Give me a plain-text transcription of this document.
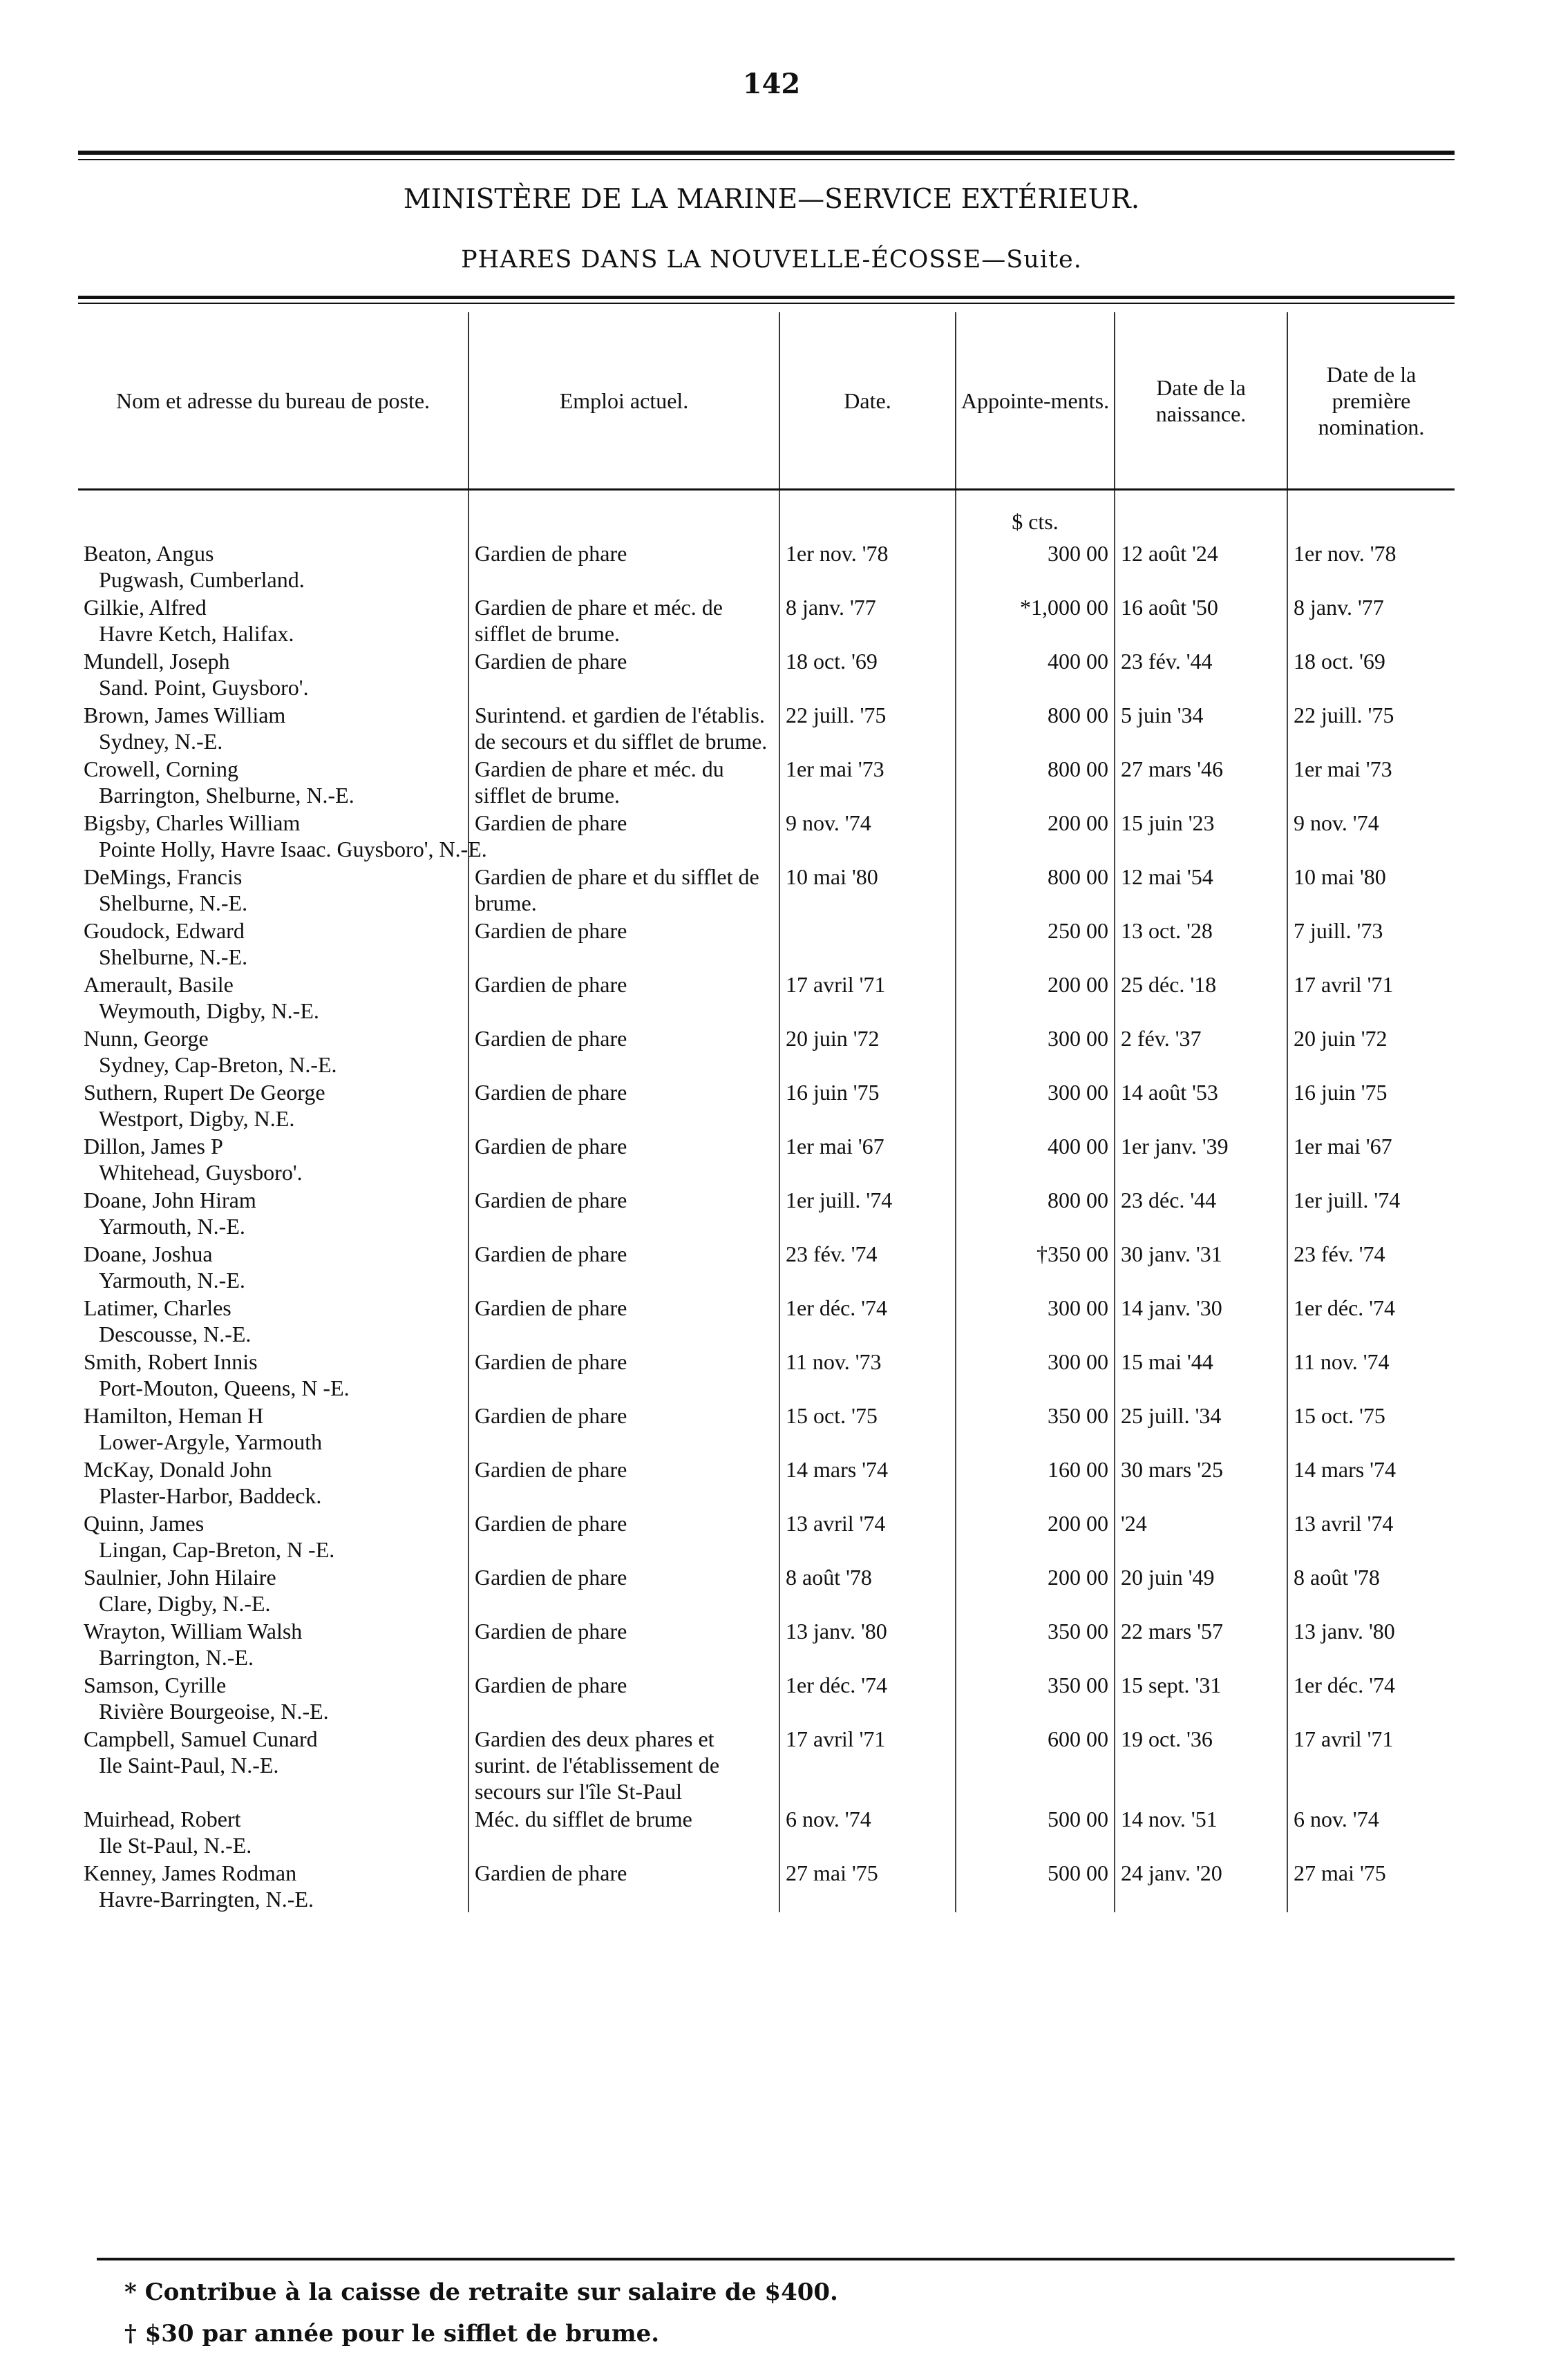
142
MINISTÈRE DE LA MARINE—SERVICE EXTÉRIEUR.
PHARES DANS LA NOUVELLE-ÉCOSSE—Suite.
Nom et adresse du bureau de poste.	Emploi actuel.	Date.	Appointe-ments.	Date de la naissance.	Date de la première nomination.
			$ cts.		

Beaton, Angus
Pugwash, Cumberland.	Gardien de phare	1er nov. '78	300 00	12 août '24	1er nov. '78

Gilkie, Alfred
Havre Ketch, Halifax.	Gardien de phare et méc. de sifflet de brume.	8 janv. '77	*1,000 00	16 août '50	8 janv. '77

Mundell, Joseph
Sand. Point, Guysboro'.	Gardien de phare	18 oct. '69	400 00	23 fév. '44	18 oct. '69

Brown, James William
Sydney, N.-E.	Surintend. et gardien de l'établis. de secours et du sifflet de brume.	22 juill. '75	800 00	5 juin '34	22 juill. '75

Crowell, Corning
Barrington, Shelburne, N.-E.	Gardien de phare et méc. du sifflet de brume.	1er mai '73	800 00	27 mars '46	1er mai '73

Bigsby, Charles William
Pointe Holly, Havre Isaac. Guysboro', N.-E.	Gardien de phare	9 nov. '74	200 00	15 juin '23	9 nov. '74

DeMings, Francis
Shelburne, N.-E.	Gardien de phare et du sifflet de brume.	10 mai '80	800 00	12 mai '54	10 mai '80

Goudock, Edward
Shelburne, N.-E.	Gardien de phare		250 00	13 oct. '28	7 juill. '73

Amerault, Basile
Weymouth, Digby, N.-E.	Gardien de phare	17 avril '71	200 00	25 déc. '18	17 avril '71

Nunn, George
Sydney, Cap-Breton, N.-E.	Gardien de phare	20 juin '72	300 00	2 fév. '37	20 juin '72

Suthern, Rupert De George
Westport, Digby, N.E.	Gardien de phare	16 juin '75	300 00	14 août '53	16 juin '75

Dillon, James P
Whitehead, Guysboro'.	Gardien de phare	1er mai '67	400 00	1er janv. '39	1er mai '67

Doane, John Hiram
Yarmouth, N.-E.	Gardien de phare	1er juill. '74	800 00	23 déc. '44	1er juill. '74

Doane, Joshua
Yarmouth, N.-E.	Gardien de phare	23 fév. '74	†350 00	30 janv. '31	23 fév. '74

Latimer, Charles
Descousse, N.-E.	Gardien de phare	1er déc. '74	300 00	14 janv. '30	1er déc. '74

Smith, Robert Innis
Port-Mouton, Queens, N -E.	Gardien de phare	11 nov. '73	300 00	15 mai '44	11 nov. '74

Hamilton, Heman H
Lower-Argyle, Yarmouth	Gardien de phare	15 oct. '75	350 00	25 juill. '34	15 oct. '75

McKay, Donald John
Plaster-Harbor, Baddeck.	Gardien de phare	14 mars '74	160 00	30 mars '25	14 mars '74

Quinn, James
Lingan, Cap-Breton, N -E.	Gardien de phare	13 avril '74	200 00	'24	13 avril '74

Saulnier, John Hilaire
Clare, Digby, N.-E.	Gardien de phare	8 août '78	200 00	20 juin '49	8 août '78

Wrayton, William Walsh
Barrington, N.-E.	Gardien de phare	13 janv. '80	350 00	22 mars '57	13 janv. '80

Samson, Cyrille
Rivière Bourgeoise, N.-E.	Gardien de phare	1er déc. '74	350 00	15 sept. '31	1er déc. '74

Campbell, Samuel Cunard
Ile Saint-Paul, N.-E.	Gardien des deux phares et surint. de l'établissement de secours sur l'île St-Paul	17 avril '71	600 00	19 oct. '36	17 avril '71

Muirhead, Robert
Ile St-Paul, N.-E.	Méc. du sifflet de brume	6 nov. '74	500 00	14 nov. '51	6 nov. '74

Kenney, James Rodman
Havre-Barringten, N.-E.	Gardien de phare	27 mai '75	500 00	24 janv. '20	27 mai '75
* Contribue à la caisse de retraite sur salaire de $400.
† $30 par année pour le sifflet de brume.
